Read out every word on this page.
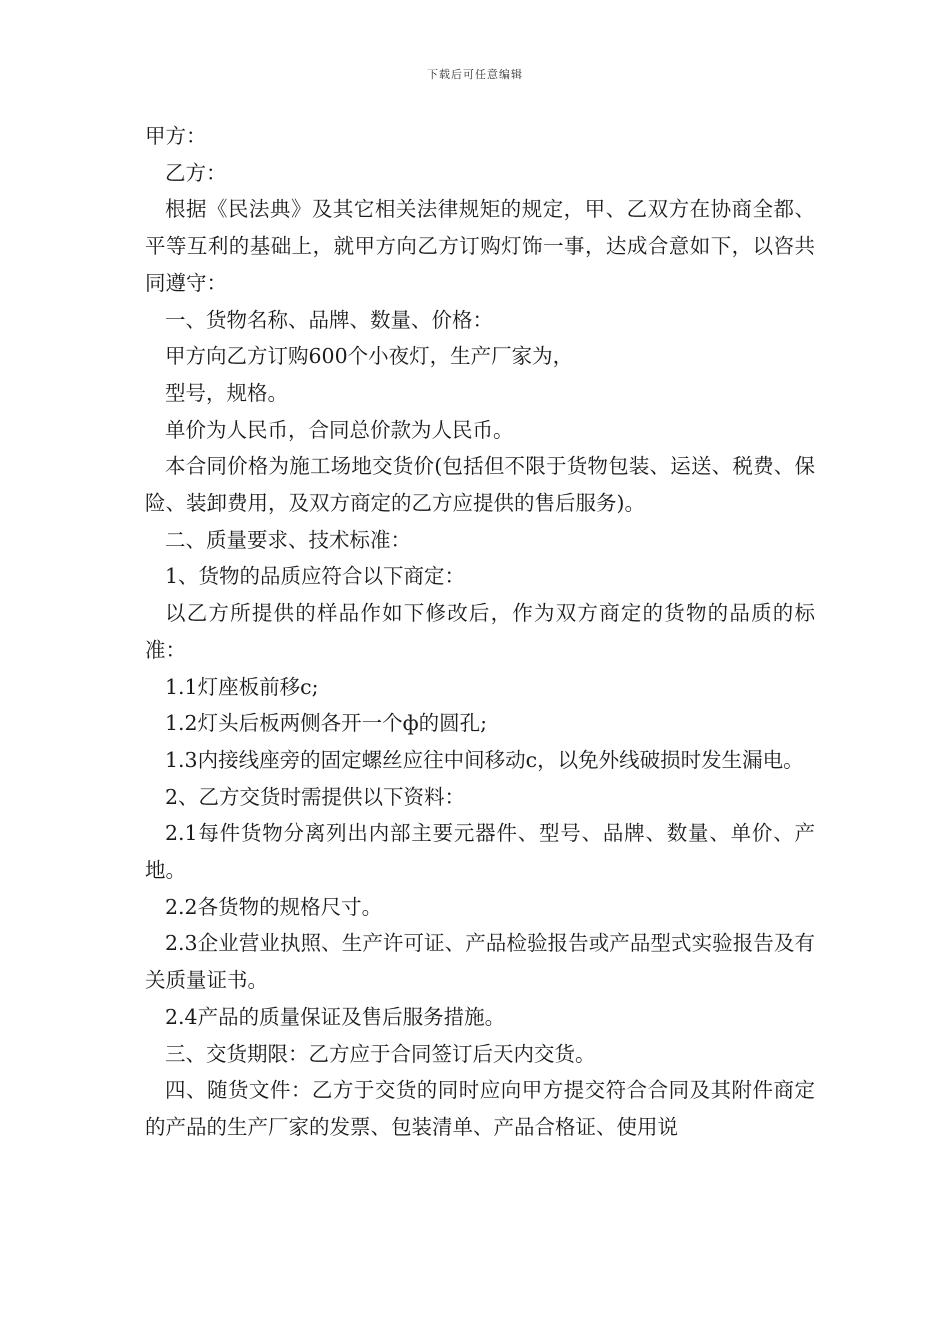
下载后可任意编辑

甲方：

乙方：

根据《民法典》及其它相关法律规矩的规定，甲、乙双方在协商全都、平等互利的基础上，就甲方向乙方订购灯饰一事，达成合意如下，以咨共同遵守：

一、货物名称、品牌、数量、价格：

甲方向乙方订购600个小夜灯，生产厂家为，

型号，规格。

单价为人民币，合同总价款为人民币。

本合同价格为施工场地交货价(包括但不限于货物包装、运送、税费、保险、装卸费用，及双方商定的乙方应提供的售后服务)。

二、质量要求、技术标准：

1、货物的品质应符合以下商定：

以乙方所提供的样品作如下修改后，作为双方商定的货物的品质的标准：

1.1灯座板前移c;

1.2灯头后板两侧各开一个ф的圆孔;

1.3内接线座旁的固定螺丝应往中间移动c，以免外线破损时发生漏电。

2、乙方交货时需提供以下资料：

2.1每件货物分离列出内部主要元器件、型号、品牌、数量、单价、产地。

2.2各货物的规格尺寸。

2.3企业营业执照、生产许可证、产品检验报告或产品型式实验报告及有关质量证书。

2.4产品的质量保证及售后服务措施。

三、交货期限：乙方应于合同签订后天内交货。

四、随货文件：乙方于交货的同时应向甲方提交符合合同及其附件商定的产品的生产厂家的发票、包装清单、产品合格证、使用说
